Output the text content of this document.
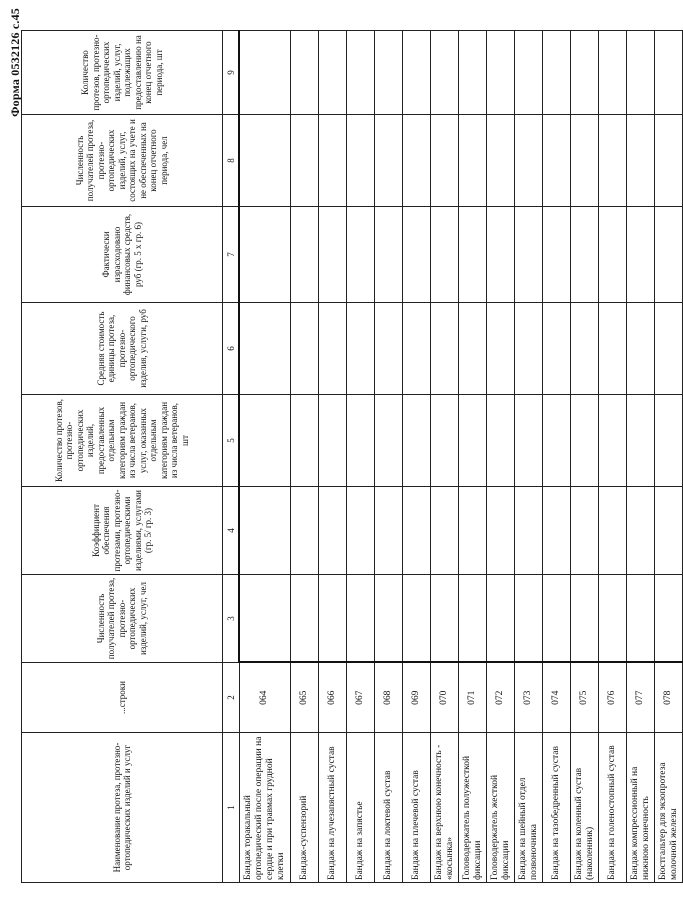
Форма 0532126 с.45
Наименование протеза, протезно-ортопедических изделий и услуг	...строки	Численность получателей протеза, протезно-ортопедических изделий, услуг, чел	Коэффициент обеспечения протезами, протезно-ортопедическими изделиями, услугами (гр. 5/ гр. 3)	Количество протезов, протезно-ортопедических изделий, предоставленных отдельным категориям граждан из числа ветеранов, услуг, оказанных отдельным категориям граждан из числа ветеранов, шт	Средняя стоимость единицы протеза, протезно-ортопедического изделия, услуги, руб	Фактически израсходовано финансовых средств, руб (гр. 5 х гр. 6)	Численность получателей протеза, протезно-ортопедических изделий, услуг, состоящих на учете и не обеспеченных на конец отчетного периода, чел	Количество протезов, протезно-ортопедических изделий, услуг, подлежащих предоставлению на конец отчетного периода, шт
1	2	3	4	5	6	7	8	9
Бандаж торакальный ортопедический после операции на сердце и при травмах грудной клетки	064							
Бандаж-суспензорий	065							
Бандаж на лучезапястный сустав	066							
Бандаж на запястье	067							
Бандаж на локтевой сустав	068							
Бандаж на плечевой сустав	069							
Бандаж на верхнюю конечность - «косынка»	070							
Головодержатель полужесткой фиксации	071							
Головодержатель жесткой фиксации	072							
Бандаж на шейный отдел позвоночника	073							
Бандаж на тазобедренный сустав	074							
Бандаж на коленный сустав (наколенник)	075							
Бандаж на голеностопный сустав	076							
Бандаж компрессионный на нижнюю конечность	077							
Бюстгальтер для экзопротеза молочной железы	078							
